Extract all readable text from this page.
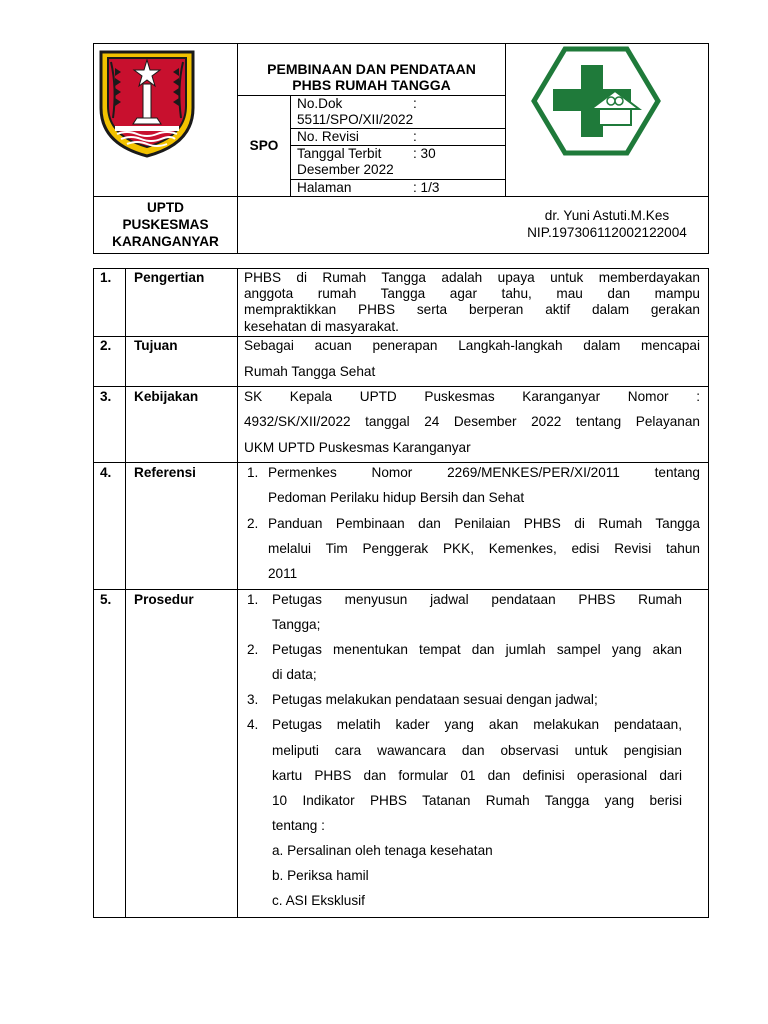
PEMBINAAN DAN PENDATAAN
PHBS RUMAH TANGGA
SPO
No.Dok	:
5511/SPO/XII/2022
No. Revisi	:
Tanggal Terbit : 30
Desember 2022
Halaman	: 1/3
UPTD
PUSKESMAS
KARANGANYAR
dr. Yuni Astuti.M.Kes
NIP.197306112002122004
1. Pengertian	PHBS di Rumah Tangga adalah upaya untuk memberdayakan
anggota rumah Tangga agar tahu, mau dan mampu
mempraktikkan PHBS serta berperan aktif dalam gerakan
kesehatan di masyarakat.
2. Tujuan	Sebagai acuan penerapan Langkah-langkah dalam mencapai
Rumah Tangga Sehat
3. Kebijakan	SK Kepala UPTD Puskesmas Karanganyar Nomor :
4932/SK/XII/2022 tanggal 24 Desember 2022 tentang Pelayanan
UKM UPTD Puskesmas Karanganyar
4. Referensi	1. Permenkes Nomor 2269/MENKES/PER/XI/2011 tentang
Pedoman Perilaku hidup Bersih dan Sehat
2. Panduan Pembinaan dan Penilaian PHBS di Rumah Tangga
melalui Tim Penggerak PKK, Kemenkes, edisi Revisi tahun
2011
5. Prosedur	1. Petugas menyusun jadwal pendataan PHBS Rumah
Tangga;
2. Petugas menentukan tempat dan jumlah sampel yang akan
di data;
3. Petugas melakukan pendataan sesuai dengan jadwal;
4. Petugas melatih kader yang akan melakukan pendataan,
meliputi cara wawancara dan observasi untuk pengisian
kartu PHBS dan formular 01 dan definisi operasional dari
10 Indikator PHBS Tatanan Rumah Tangga yang berisi
tentang :
a. Persalinan oleh tenaga kesehatan
b. Periksa hamil
c. ASI Eksklusif
